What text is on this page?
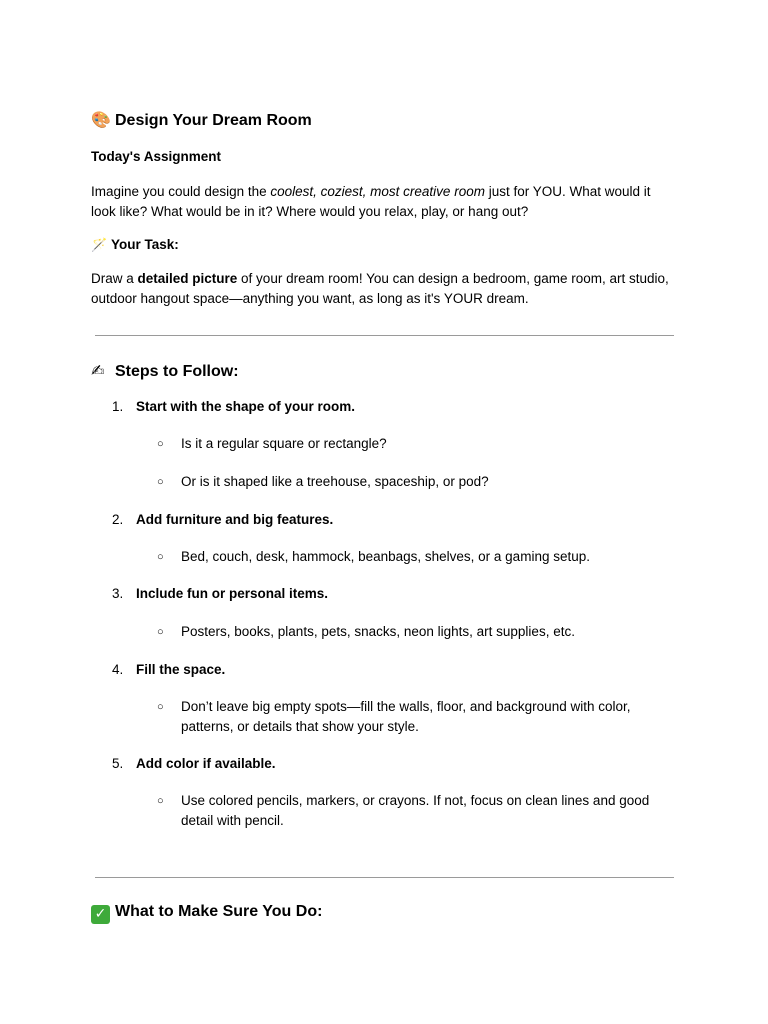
🎨 Design Your Dream Room
Today's Assignment
Imagine you could design the coolest, coziest, most creative room just for YOU. What would it look like? What would be in it? Where would you relax, play, or hang out?
🪄 Your Task:
Draw a detailed picture of your dream room! You can design a bedroom, game room, art studio, outdoor hangout space—anything you want, as long as it's YOUR dream.
✍ Steps to Follow:
1. Start with the shape of your room.
○ Is it a regular square or rectangle?
○ Or is it shaped like a treehouse, spaceship, or pod?
2. Add furniture and big features.
○ Bed, couch, desk, hammock, beanbags, shelves, or a gaming setup.
3. Include fun or personal items.
○ Posters, books, plants, pets, snacks, neon lights, art supplies, etc.
4. Fill the space.
○ Don’t leave big empty spots—fill the walls, floor, and background with color, patterns, or details that show your style.
5. Add color if available.
○ Use colored pencils, markers, or crayons. If not, focus on clean lines and good detail with pencil.
✓ What to Make Sure You Do:
